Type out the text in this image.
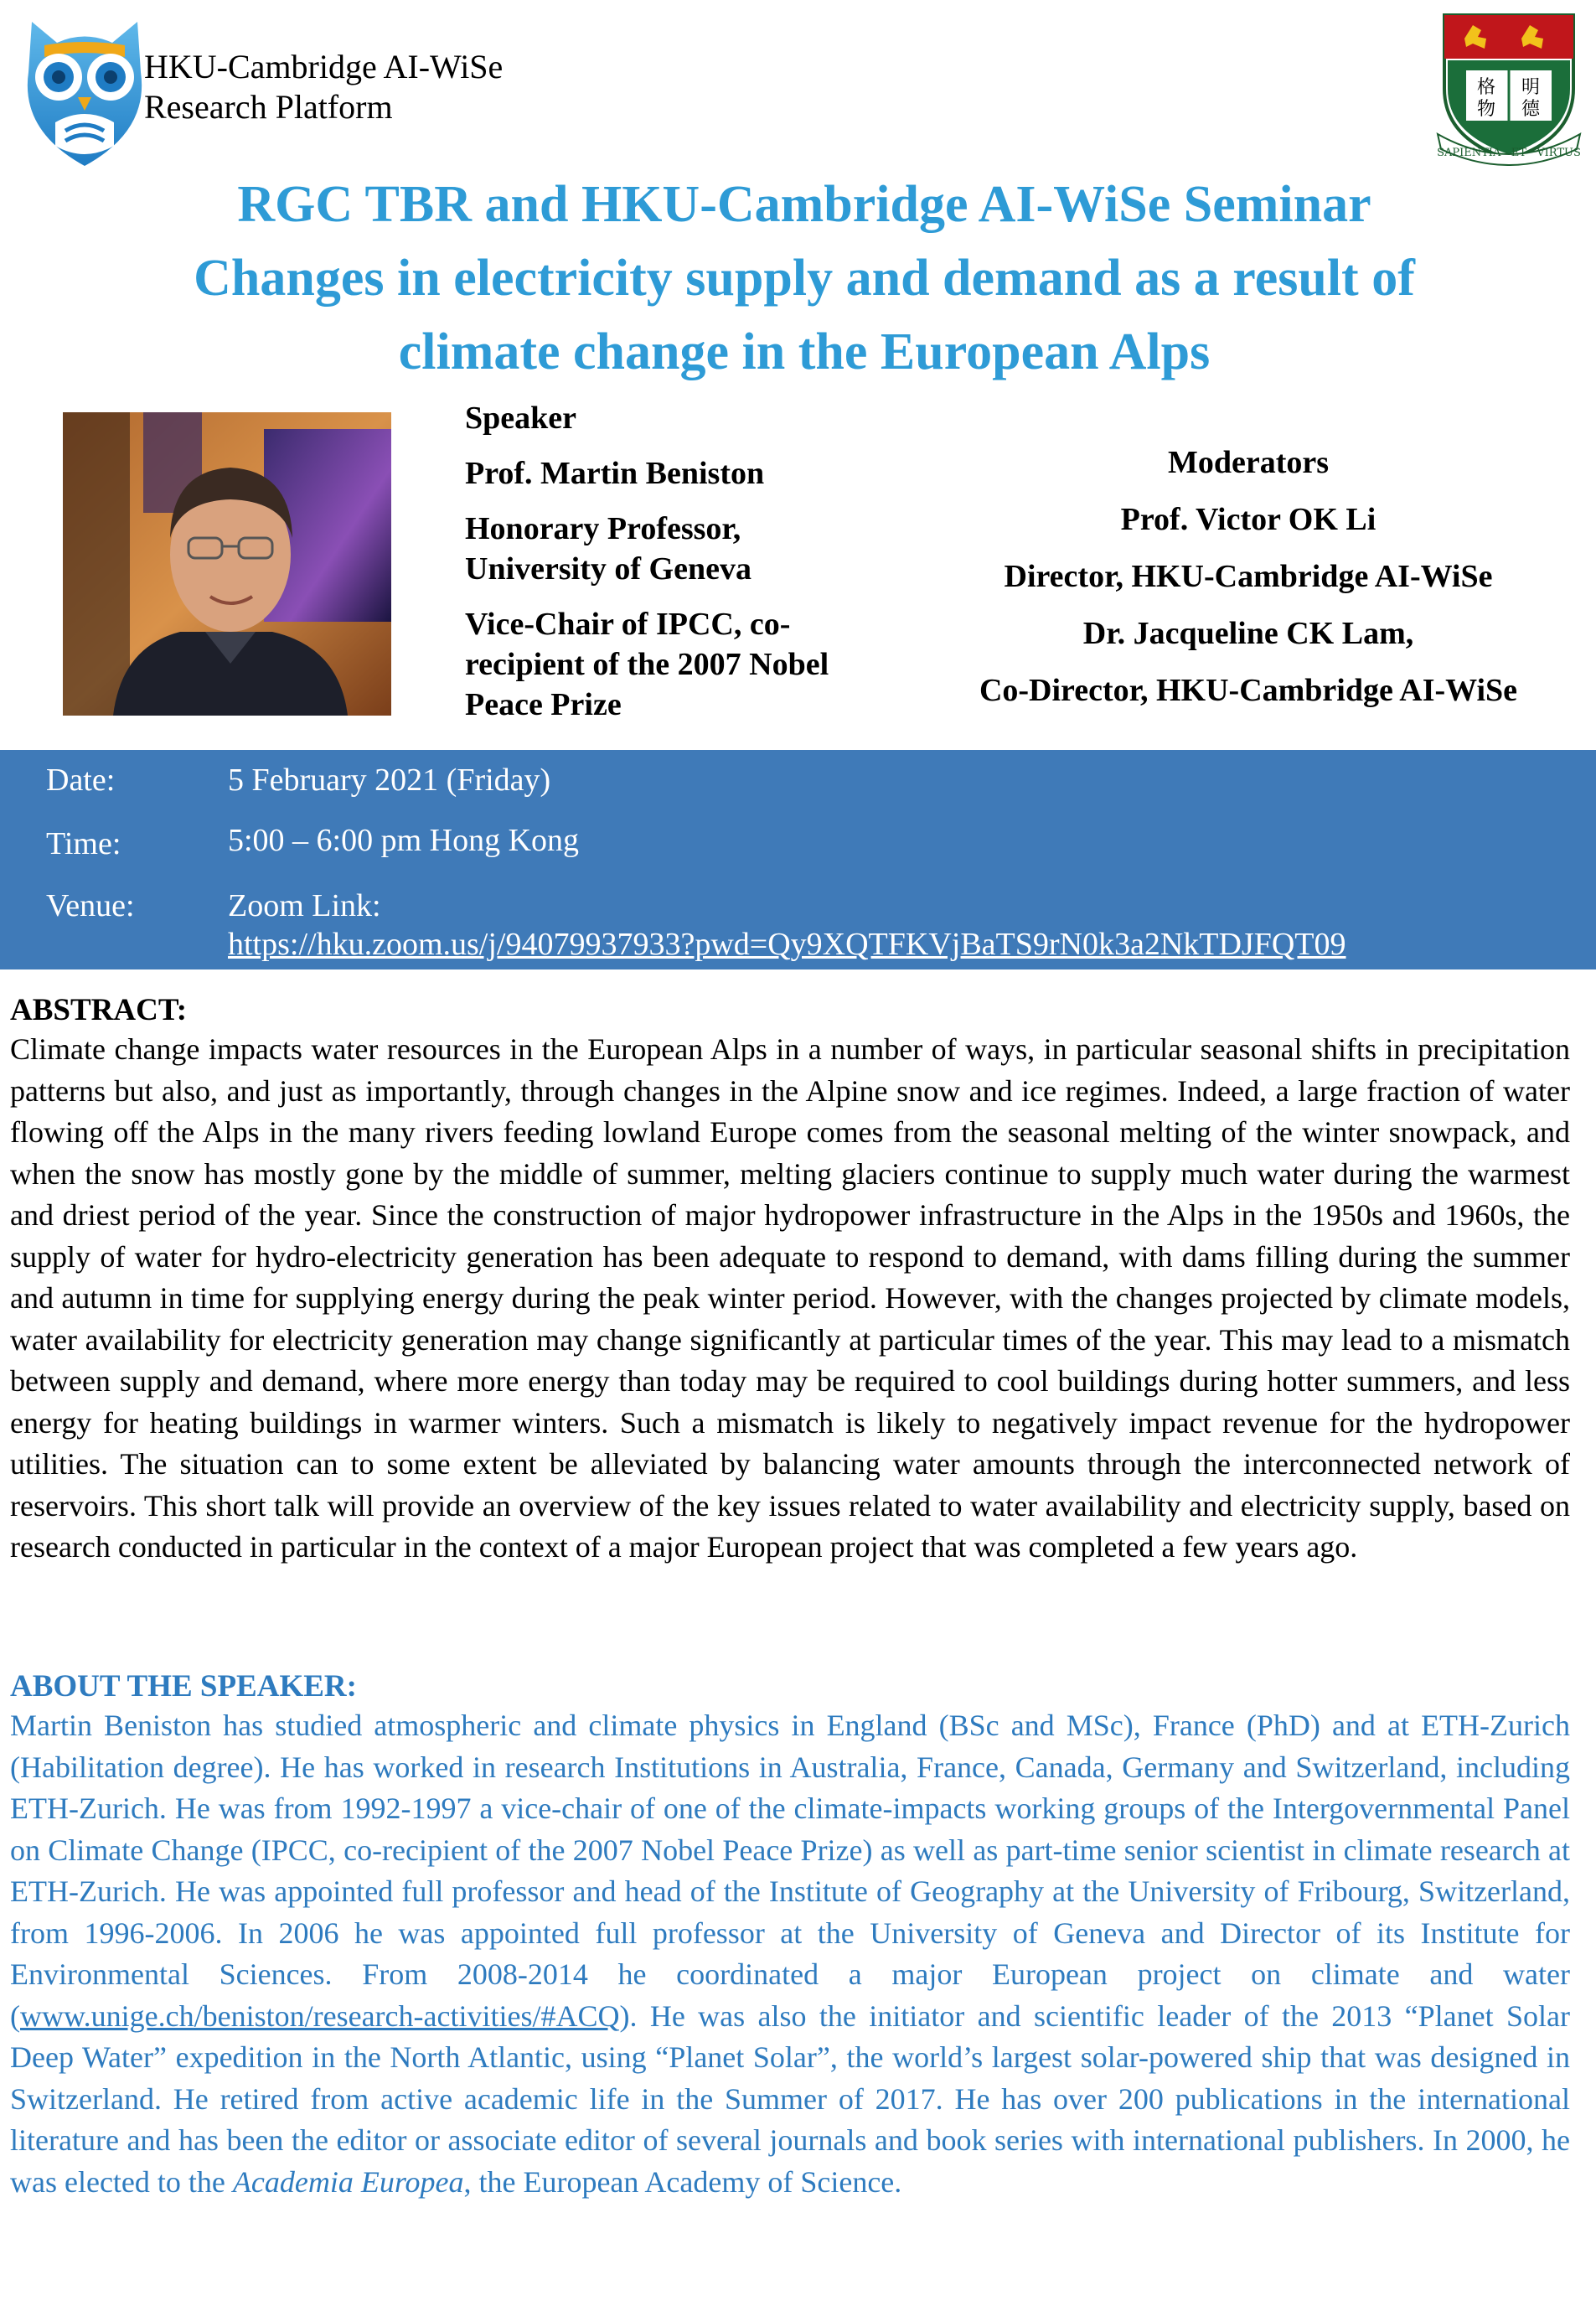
HKU-Cambridge AI-WiSe
Research Platform
格 明
物 德
SAPIENTIA · ET · VIRTUS
RGC TBR and HKU-Cambridge AI-WiSe Seminar
Changes in electricity supply and demand as a result of
climate change in the European Alps

Speaker

Prof. Martin Beniston

Honorary Professor,
University of Geneva

Vice-Chair of IPCC, co-
recipient of the 2007 Nobel
Peace Prize

Moderators
Prof. Victor OK Li
Director, HKU-Cambridge AI-WiSe
Dr. Jacqueline CK Lam,
Co-Director, HKU-Cambridge AI-WiSe
Date:	5 February 2021 (Friday)
Time:	5:00 – 6:00 pm Hong Kong
Venue:	Zoom Link:
https://hku.zoom.us/j/94079937933?pwd=Qy9XQTFKVjBaTS9rN0k3a2NkTDJFQT09
ABSTRACT:
Climate change impacts water resources in the European Alps in a number of ways, in particular seasonal shifts in precipitation patterns but also, and just as importantly, through changes in the Alpine snow and ice regimes. Indeed, a large fraction of water flowing off the Alps in the many rivers feeding lowland Europe comes from the seasonal melting of the winter snowpack, and when the snow has mostly gone by the middle of summer, melting glaciers continue to supply much water during the warmest and driest period of the year. Since the construction of major hydropower infrastructure in the Alps in the 1950s and 1960s, the supply of water for hydro-electricity generation has been adequate to respond to demand, with dams filling during the summer and autumn in time for supplying energy during the peak winter period. However, with the changes projected by climate models, water availability for electricity generation may change significantly at particular times of the year. This may lead to a mismatch between supply and demand, where more energy than today may be required to cool buildings during hotter summers, and less energy for heating buildings in warmer winters. Such a mismatch is likely to negatively impact revenue for the hydropower utilities. The situation can to some extent be alleviated by balancing water amounts through the interconnected network of reservoirs. This short talk will provide an overview of the key issues related to water availability and electricity supply, based on research conducted in particular in the context of a major European project that was completed a few years ago.
ABOUT THE SPEAKER:
Martin Beniston has studied atmospheric and climate physics in England (BSc and MSc), France (PhD) and at ETH-Zurich (Habilitation degree). He has worked in research Institutions in Australia, France, Canada, Germany and Switzerland, including ETH-Zurich. He was from 1992-1997 a vice-chair of one of the climate-impacts working groups of the Intergovernmental Panel on Climate Change (IPCC, co-recipient of the 2007 Nobel Peace Prize) as well as part-time senior scientist in climate research at ETH-Zurich. He was appointed full professor and head of the Institute of Geography at the University of Fribourg, Switzerland, from 1996-2006. In 2006 he was appointed full professor at the University of Geneva and Director of its Institute for Environmental Sciences. From 2008-2014 he coordinated a major European project on climate and water (www.unige.ch/beniston/research-activities/#ACQ). He was also the initiator and scientific leader of the 2013 “Planet Solar Deep Water” expedition in the North Atlantic, using “Planet Solar”, the world’s largest solar-powered ship that was designed in Switzerland. He retired from active academic life in the Summer of 2017. He has over 200 publications in the international literature and has been the editor or associate editor of several journals and book series with international publishers. In 2000, he was elected to the Academia Europea, the European Academy of Science.
